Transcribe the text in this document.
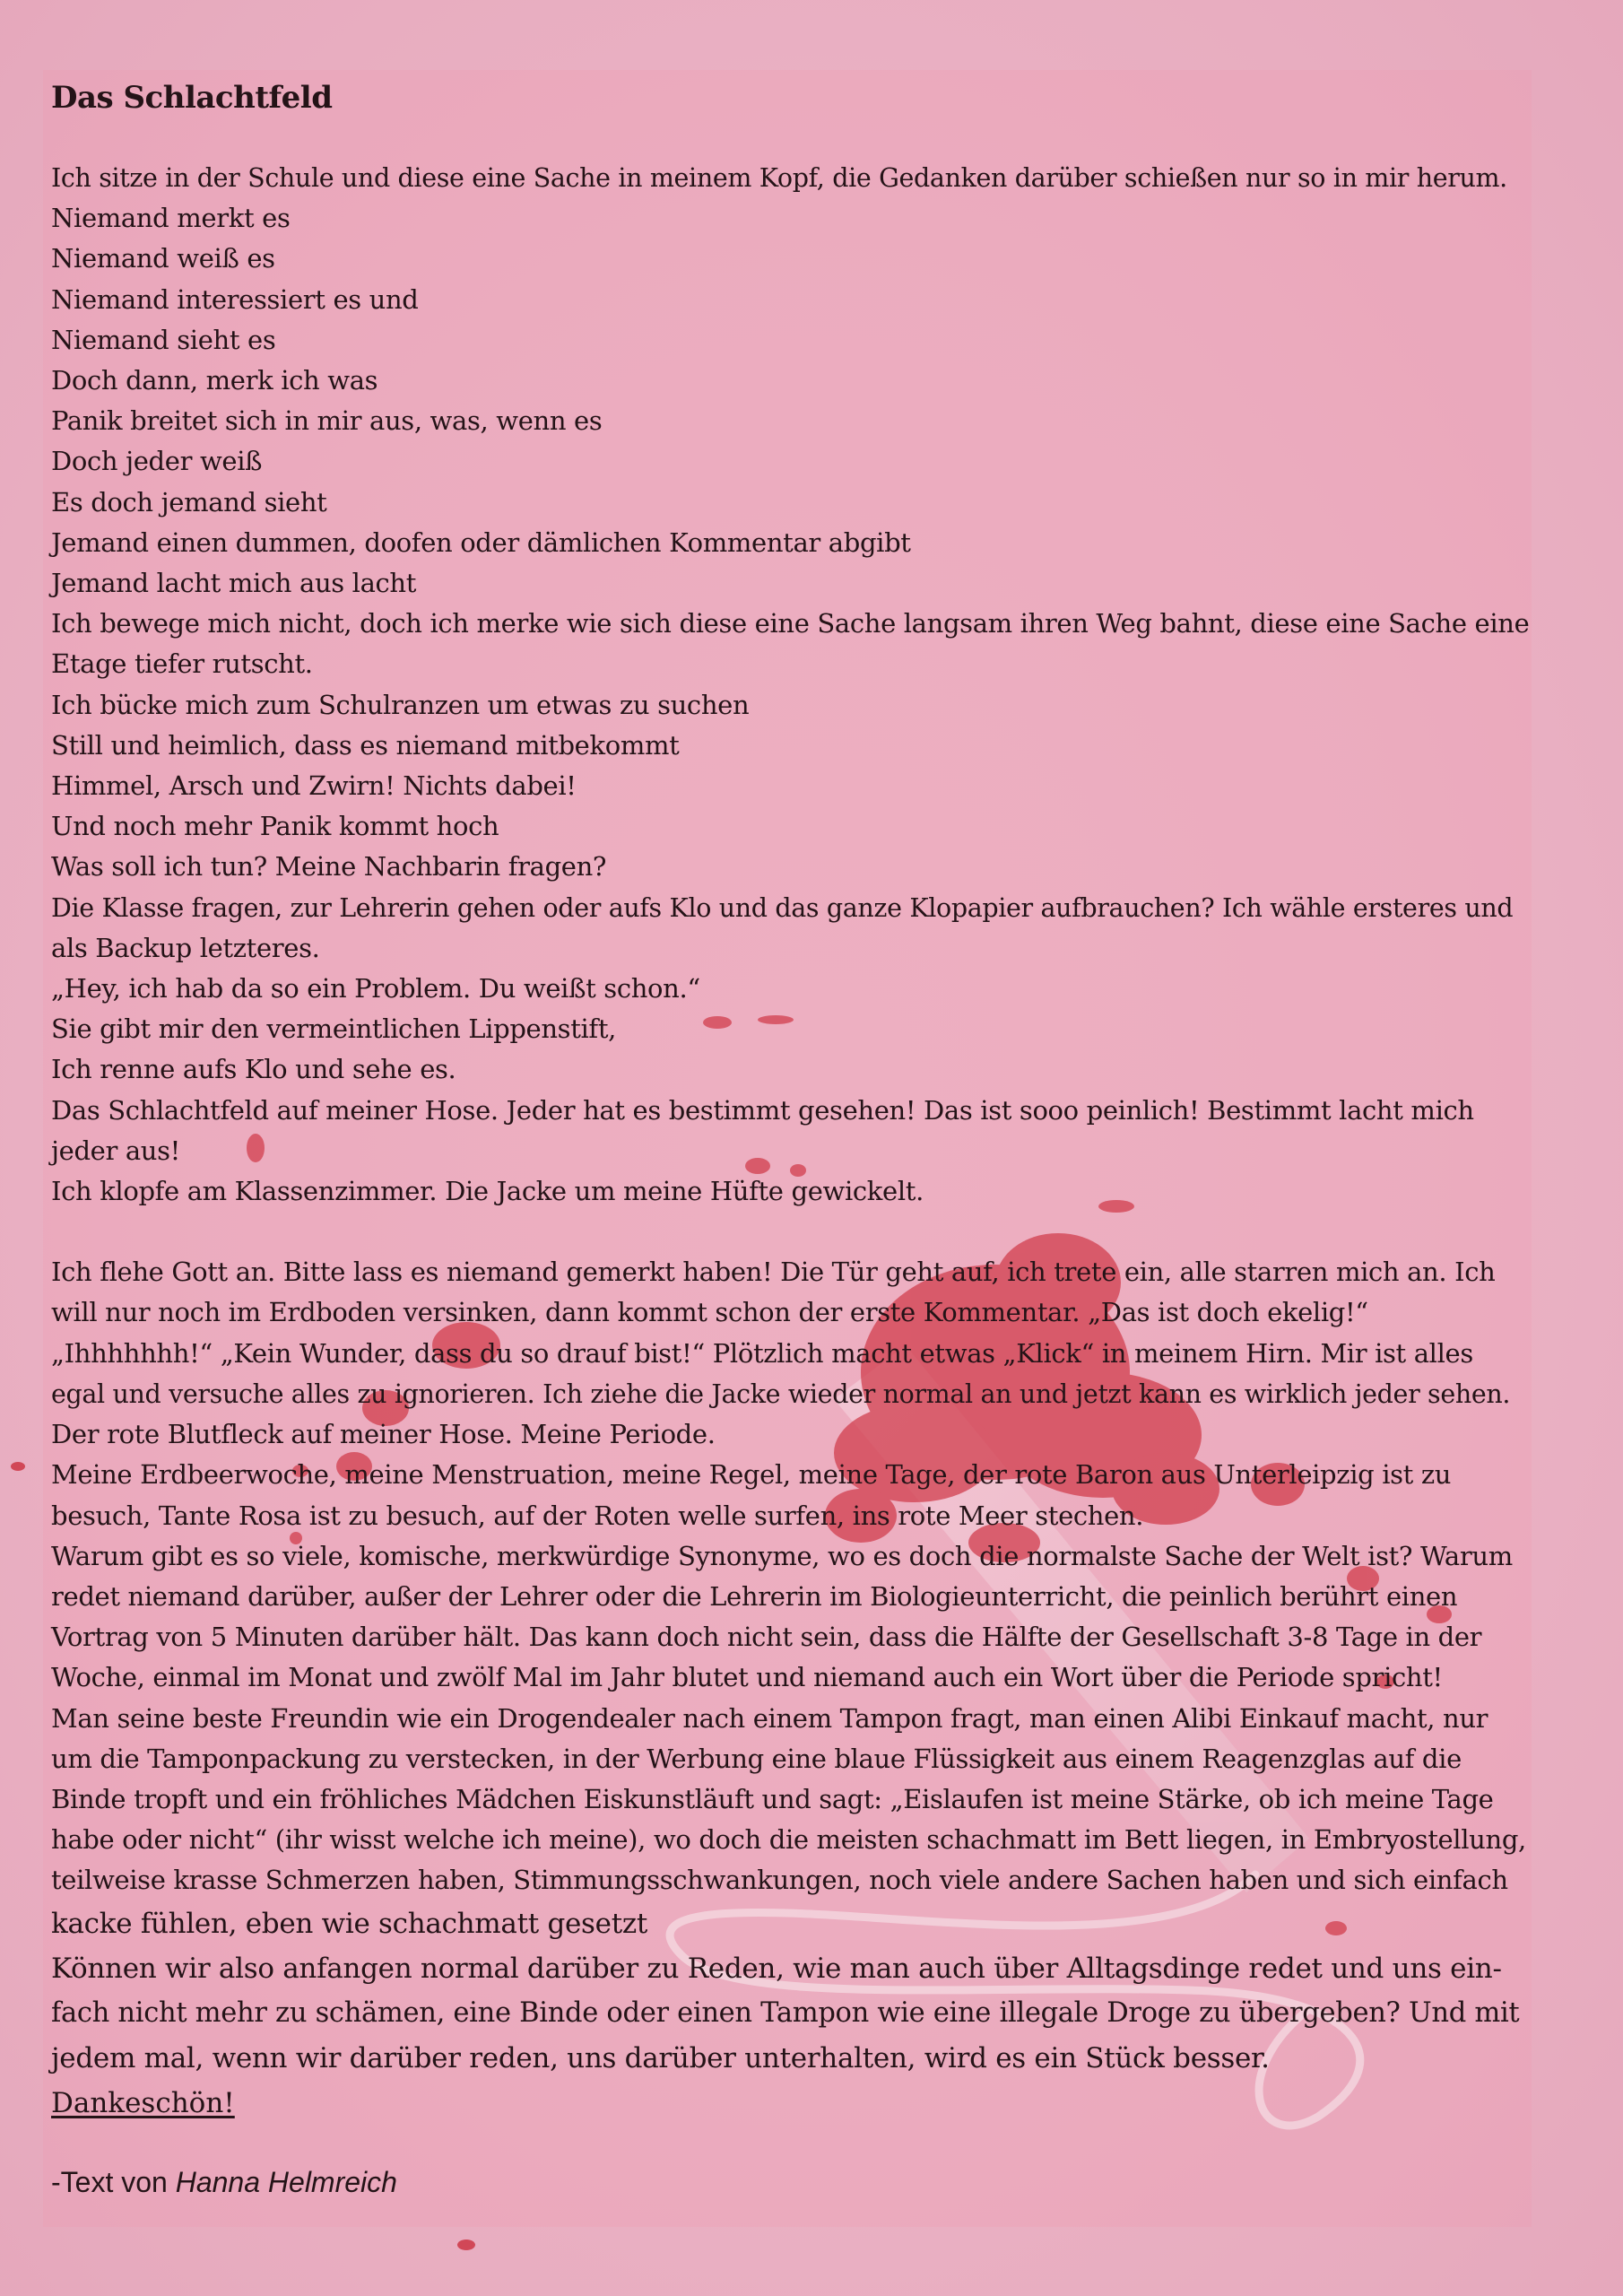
Das Schlachtfeld
Ich sitze in der Schule und diese eine Sache in meinem Kopf, die Gedanken darüber schießen nur so in mir herum.
Niemand merkt es
Niemand weiß es
Niemand interessiert es und
Niemand sieht es
Doch dann, merk ich was
Panik breitet sich in mir aus, was, wenn es
Doch jeder weiß
Es doch jemand sieht
Jemand einen dummen, doofen oder dämlichen Kommentar abgibt
Jemand lacht mich aus lacht
Ich bewege mich nicht, doch ich merke wie sich diese eine Sache langsam ihren Weg bahnt, diese eine Sache eine
Etage tiefer rutscht.
Ich bücke mich zum Schulranzen um etwas zu suchen
Still und heimlich, dass es niemand mitbekommt
Himmel, Arsch und Zwirn! Nichts dabei!
Und noch mehr Panik kommt hoch
Was soll ich tun? Meine Nachbarin fragen?
Die Klasse fragen, zur Lehrerin gehen oder aufs Klo und das ganze Klopapier aufbrauchen? Ich wähle ersteres und
als Backup letzteres.
„Hey, ich hab da so ein Problem. Du weißt schon.“
Sie gibt mir den vermeintlichen Lippenstift,
Ich renne aufs Klo und sehe es.
Das Schlachtfeld auf meiner Hose. Jeder hat es bestimmt gesehen! Das ist sooo peinlich! Bestimmt lacht mich
jeder aus!
Ich klopfe am Klassenzimmer. Die Jacke um meine Hüfte gewickelt.
Ich flehe Gott an. Bitte lass es niemand gemerkt haben! Die Tür geht auf, ich trete ein, alle starren mich an. Ich
will nur noch im Erdboden versinken, dann kommt schon der erste Kommentar. „Das ist doch ekelig!“
„Ihhhhhhh!“ „Kein Wunder, dass du so drauf bist!“ Plötzlich macht etwas „Klick“ in meinem Hirn. Mir ist alles
egal und versuche alles zu ignorieren. Ich ziehe die Jacke wieder normal an und jetzt kann es wirklich jeder sehen.
Der rote Blutfleck auf meiner Hose. Meine Periode.
Meine Erdbeerwoche, meine Menstruation, meine Regel, meine Tage, der rote Baron aus Unterleipzig ist zu
besuch, Tante Rosa ist zu besuch, auf der Roten welle surfen, ins rote Meer stechen.
Warum gibt es so viele, komische, merkwürdige Synonyme, wo es doch die normalste Sache der Welt ist? Warum
redet niemand darüber, außer der Lehrer oder die Lehrerin im Biologieunterricht, die peinlich berührt einen
Vortrag von 5 Minuten darüber hält. Das kann doch nicht sein, dass die Hälfte der Gesellschaft 3-8 Tage in der
Woche, einmal im Monat und zwölf Mal im Jahr blutet und niemand auch ein Wort über die Periode spricht!
Man seine beste Freundin wie ein Drogendealer nach einem Tampon fragt, man einen Alibi Einkauf macht, nur
um die Tamponpackung zu verstecken, in der Werbung eine blaue Flüssigkeit aus einem Reagenzglas auf die
Binde tropft und ein fröhliches Mädchen Eiskunstläuft und sagt: „Eislaufen ist meine Stärke, ob ich meine Tage
habe oder nicht“ (ihr wisst welche ich meine), wo doch die meisten schachmatt im Bett liegen, in Embryostellung,
teilweise krasse Schmerzen haben, Stimmungsschwankungen, noch viele andere Sachen haben und sich einfach
kacke fühlen, eben wie schachmatt gesetzt
Können wir also anfangen normal darüber zu Reden, wie man auch über Alltagsdinge redet und uns ein-
fach nicht mehr zu schämen, eine Binde oder einen Tampon wie eine illegale Droge zu übergeben? Und mit
jedem mal, wenn wir darüber reden, uns darüber unterhalten, wird es ein Stück besser.
Dankeschön!
-Text von Hanna Helmreich
